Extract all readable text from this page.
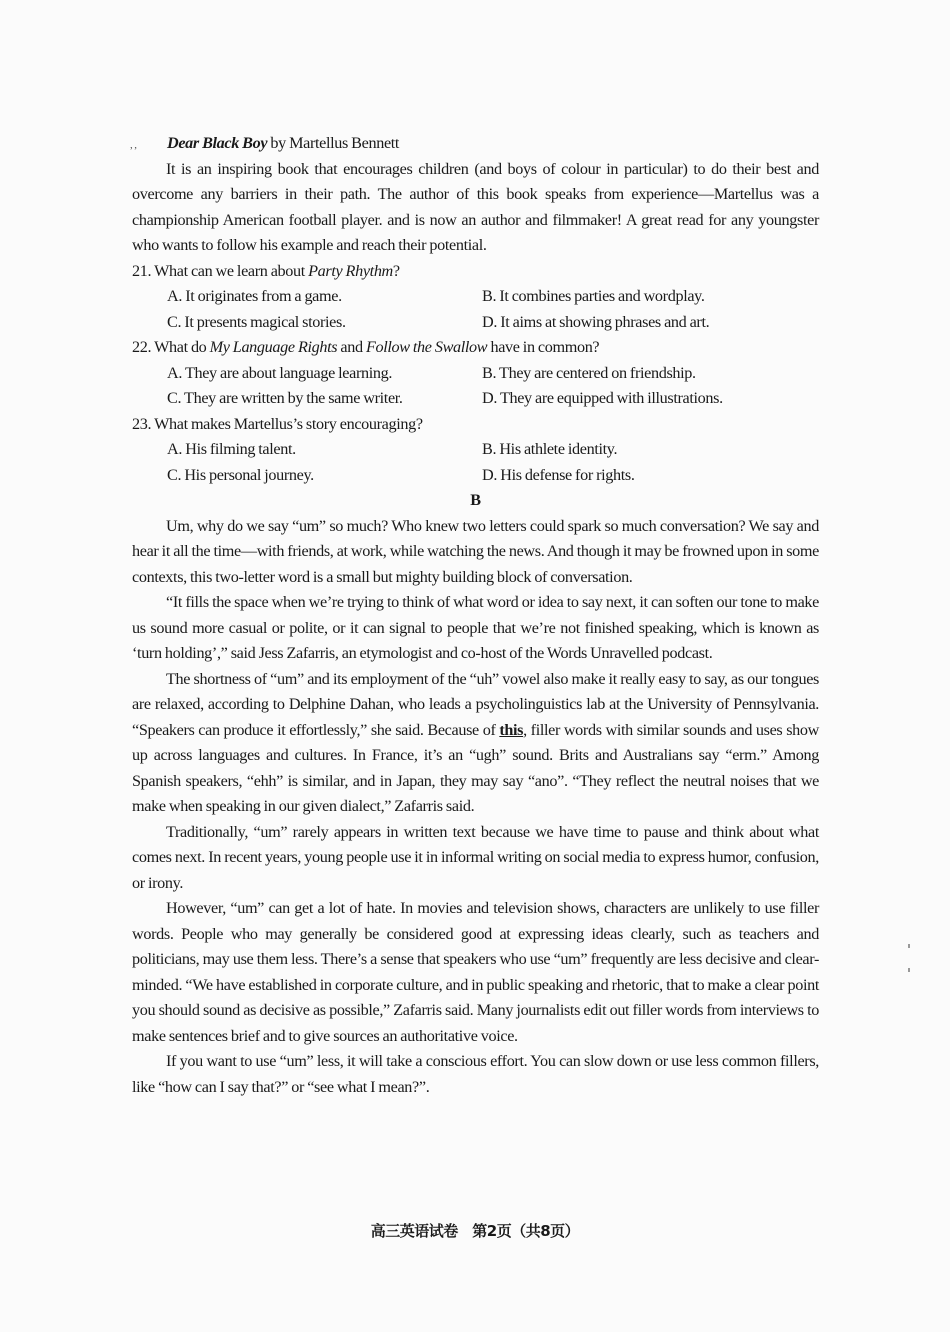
, ,	Dear Black Boy by Martellus Bennett

It is an inspiring book that encourages children (and boys of colour in particular) to do their best and overcome any barriers in their path. The author of this book speaks from experience—Martellus was a championship American football player. and is now an author and filmmaker! A great read for any youngster who wants to follow his example and reach their potential.

21. What can we learn about Party Rhythm?
A. It originates from a game.	B. It combines parties and wordplay.
C. It presents magical stories.	D. It aims at showing phrases and art.
22. What do My Language Rights and Follow the Swallow have in common?
A. They are about language learning.	B. They are centered on friendship.
C. They are written by the same writer.	D. They are equipped with illustrations.
23. What makes Martellus’s story encouraging?
A. His filming talent.	B. His athlete identity.
C. His personal journey.	D. His defense for rights.
B

Um, why do we say “um” so much? Who knew two letters could spark so much conversation? We say and hear it all the time—with friends, at work, while watching the news. And though it may be frowned upon in some contexts, this two-letter word is a small but mighty building block of conversation.

“It fills the space when we’re trying to think of what word or idea to say next, it can soften our tone to make us sound more casual or polite, or it can signal to people that we’re not finished speaking, which is known as ‘turn holding’,” said Jess Zafarris, an etymologist and co-host of the Words Unravelled podcast.

The shortness of “um” and its employment of the “uh” vowel also make it really easy to say, as our tongues are relaxed, according to Delphine Dahan, who leads a psycholinguistics lab at the University of Pennsylvania. “Speakers can produce it effortlessly,” she said. Because of this, filler words with similar sounds and uses show up across languages and cultures. In France, it’s an “ugh” sound. Brits and Australians say “erm.” Among Spanish speakers, “ehh” is similar, and in Japan, they may say “ano”. “They reflect the neutral noises that we make when speaking in our given dialect,” Zafarris said.

Traditionally, “um” rarely appears in written text because we have time to pause and think about what comes next. In recent years, young people use it in informal writing on social media to express humor, confusion, or irony.

However, “um” can get a lot of hate. In movies and television shows, characters are unlikely to use filler words. People who may generally be considered good at expressing ideas clearly, such as teachers and politicians, may use them less. There’s a sense that speakers who use “um” frequently are less decisive and clear-minded. “We have established in corporate culture, and in public speaking and rhetoric, that to make a clear point you should sound as decisive as possible,” Zafarris said. Many journalists edit out filler words from interviews to make sentences brief and to give sources an authoritative voice.

If you want to use “um” less, it will take a conscious effort. You can slow down or use less common fillers, like “how can I say that?” or “see what I mean?”.

高三英语试卷　第2页（共8页）
